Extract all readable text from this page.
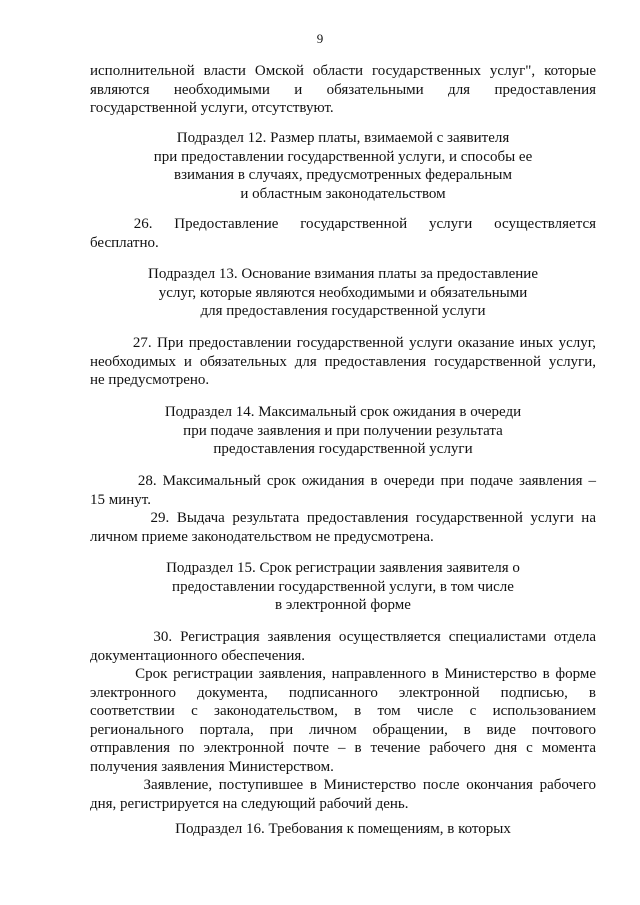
9
исполнительной власти Омской области государственных услуг", которые
являются    необходимыми    и    обязательными    для    предоставления
государственной услуги, отсутствуют.
Подраздел 12. Размер платы, взимаемой с заявителя
при предоставлении государственной услуги, и способы ее
взимания в случаях, предусмотренных федеральным
и областным законодательством
26.    Предоставление    государственной    услуги    осуществляется
бесплатно.
Подраздел 13. Основание взимания платы за предоставление
услуг, которые являются необходимыми и обязательными
для предоставления государственной услуги
27. При предоставлении государственной услуги оказание иных услуг,
необходимых и обязательных для предоставления государственной услуги,
не предусмотрено.
Подраздел 14. Максимальный срок ожидания в очереди
при подаче заявления и при получении результата
предоставления государственной услуги
28. Максимальный срок ожидания в очереди при подаче заявления –
15 минут.
29. Выдача результата предоставления государственной услуги на
личном приеме законодательством не предусмотрена.
Подраздел 15. Срок регистрации заявления заявителя о
предоставлении государственной услуги, в том числе
в электронной форме
30. Регистрация заявления осуществляется специалистами отдела
документационного обеспечения.
Срок регистрации заявления, направленного в Министерство в форме
электронного    документа,    подписанного    электронной    подписью,    в
соответствии с законодательством, в том числе с использованием
регионального портала, при личном обращении, в виде почтового
отправления по электронной почте – в течение рабочего дня с момента
получения заявления Министерством.
Заявление, поступившее в Министерство после окончания рабочего
дня, регистрируется на следующий рабочий день.
Подраздел 16. Требования к помещениям, в которых
